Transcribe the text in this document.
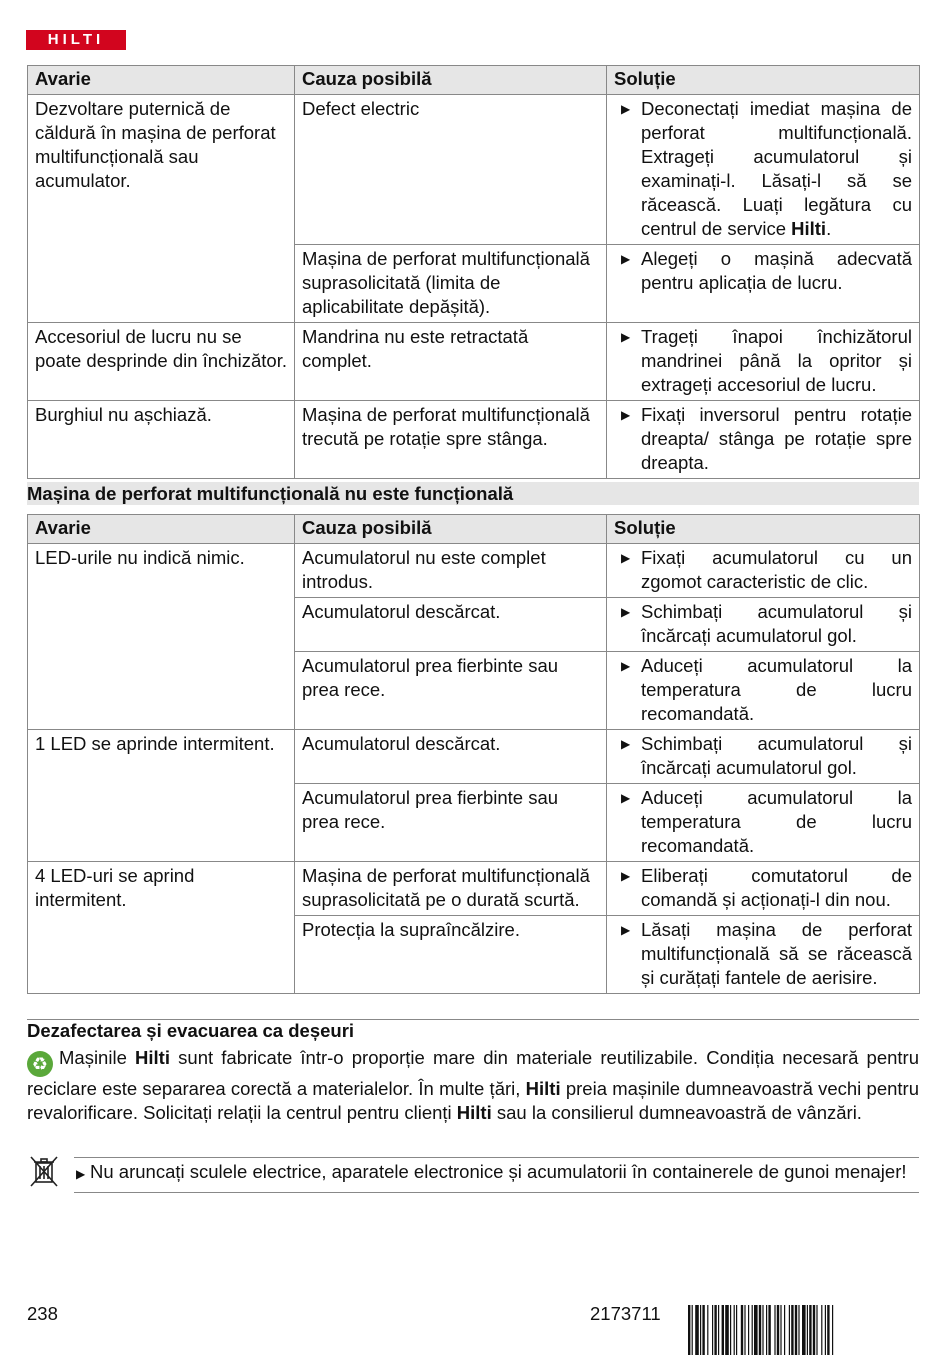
HILTI
Avarie	Cauza posibilă	Soluție
Dezvoltare puternică de căldură în mașina de perforat multifuncțională sau acumulator.	Defect electric	▶ Deconectați imediat mașina de perforat multifuncțională. Extrageți acumulatorul și examinați-l. Lăsați-l să se răcească. Luați legătura cu centrul de service Hilti.

	Mașina de perforat multifuncțională suprasolicitată (limita de aplicabilitate depășită).	▶ Alegeți o mașină adecvată pentru aplicația de lucru.

Accesoriul de lucru nu se poate desprinde din închizător.	Mandrina nu este retractată complet.	▶ Trageți înapoi închizătorul mandrinei până la opritor și extrageți accesoriul de lucru.

Burghiul nu așchiază.	Mașina de perforat multifuncțională trecută pe rotație spre stânga.	▶ Fixați inversorul pentru rotație dreapta/ stânga pe rotație spre dreapta.
Mașina de perforat multifuncțională nu este funcțională
Avarie	Cauza posibilă	Soluție
LED-urile nu indică nimic.	Acumulatorul nu este complet introdus.	▶ Fixați acumulatorul cu un zgomot caracteristic de clic.

	Acumulatorul descărcat.	▶ Schimbați acumulatorul și încărcați acumulatorul gol.

	Acumulatorul prea fierbinte sau prea rece.	▶ Aduceți acumulatorul la temperatura de lucru recomandată.

1 LED se aprinde intermitent.	Acumulatorul descărcat.	▶ Schimbați acumulatorul și încărcați acumulatorul gol.

	Acumulatorul prea fierbinte sau prea rece.	▶ Aduceți acumulatorul la temperatura de lucru recomandată.

4 LED-uri se aprind intermitent.	Mașina de perforat multifuncțională suprasolicitată pe o durată scurtă.	▶ Eliberați comutatorul de comandă și acționați-l din nou.

	Protecția la supraîncălzire.	▶ Lăsați mașina de perforat multifuncțională să se răcească și curățați fantele de aerisire.
Dezafectarea și evacuarea ca deșeuri
♻ Mașinile Hilti sunt fabricate într-o proporție mare din materiale reutilizabile. Condiția necesară pentru reciclare este separarea corectă a materialelor. În multe țări, Hilti preia mașinile dumneavoastră vechi pentru revalorificare. Solicitați relații la centrul pentru clienți Hilti sau la consilierul dumneavoastră de vânzări.
▶ Nu aruncați sculele electrice, aparatele electronice și acumulatorii în containerele de gunoi menajer!
238	2173711
